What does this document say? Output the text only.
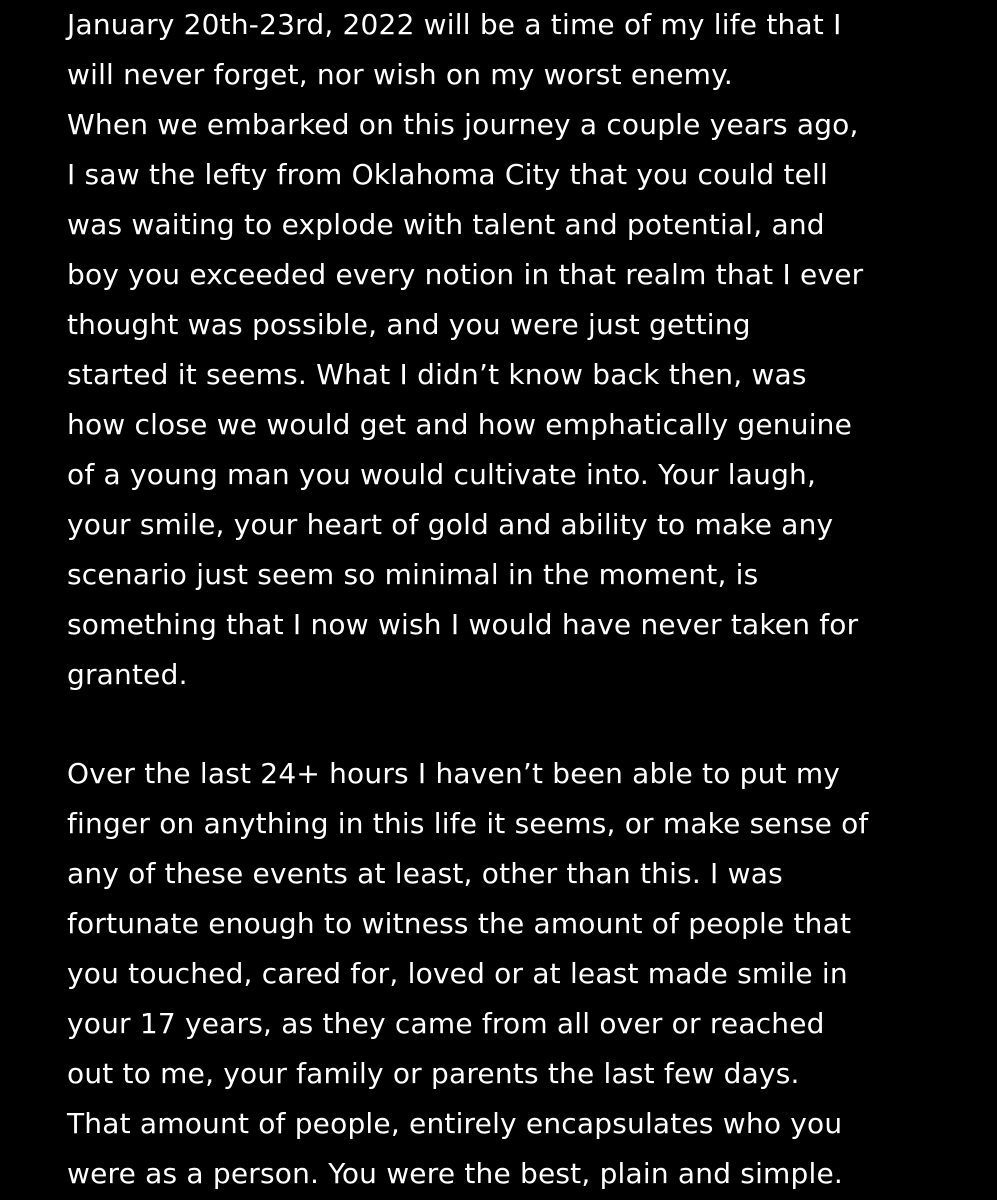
January 20th-23rd, 2022 will be a time of my life that I
will never forget, nor wish on my worst enemy.
When we embarked on this journey a couple years ago,
I saw the lefty from Oklahoma City that you could tell
was waiting to explode with talent and potential, and
boy you exceeded every notion in that realm that I ever
thought was possible, and you were just getting
started it seems. What I didn’t know back then, was
how close we would get and how emphatically genuine
of a young man you would cultivate into. Your laugh,
your smile, your heart of gold and ability to make any
scenario just seem so minimal in the moment, is
something that I now wish I would have never taken for
granted.
Over the last 24+ hours I haven’t been able to put my
finger on anything in this life it seems, or make sense of
any of these events at least, other than this. I was
fortunate enough to witness the amount of people that
you touched, cared for, loved or at least made smile in
your 17 years, as they came from all over or reached
out to me, your family or parents the last few days.
That amount of people, entirely encapsulates who you
were as a person. You were the best, plain and simple.
